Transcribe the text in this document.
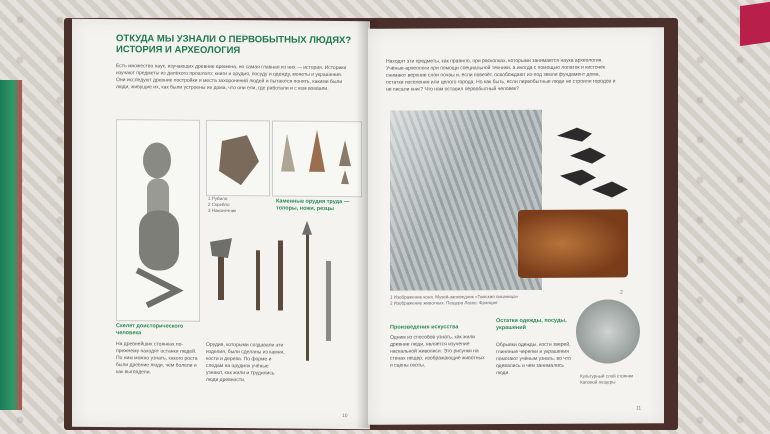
ОТКУДА МЫ УЗНАЛИ О ПЕРВОБЫТНЫХ ЛЮДЯХ?
ИСТОРИЯ И АРХЕОЛОГИЯ
Есть множество наук, изучающих древние времена, но самая главная из них — история. Историки изучают предметы из далёкого прошлого: книги и орудия, посуду и одежду, монеты и украшения. Они исследуют древние постройки и места захоронений людей и пытаются понять, какими были люди, живущие их, как были устроены их дома, что они ели, где работали и с кем воевали.
1 Рубило
2 Скребло
3 Наконечник
Каменные орудия труда — топоры, ножи, резцы
Скелет доисторического человека
На древнейших стоянках по-прежнему находят останки людей. По ним можно узнать, какого роста были древние люди, чем болели и как выглядели.
Орудия, которыми создавали эти изделия, были сделаны из камня, кости и дерева. По форме и следам на орудиях учёные узнают, как жили и трудились люди древности.
10
Находят эти предметы, как правило, при раскопках, которыми занимается наука археология. Учёные-археологи при помощи специальной техники, а иногда с помощью лопаток и кисточек снимают верхние слои почвы и, если повезёт, освобождают из-под земли фундамент дома, остатки поселения или целого города. Но как быть, если первобытные люди не строили городов и не писали книг? Что нам оставил первобытный человек?
1 Изображение коня. Музей-заповедник «Томская писаница»
2 Изображение животных. Пещера Ласко. Франция
2
Произведения искусства
Одним из способов узнать, как жили древние люди, является изучение наскальной живописи. Это рисунки на стенах пещер, изображающие животных и сцены охоты.
Остатки одежды, посуды, украшений
Обрывки одежды, кости зверей, глиняные черепки и украшения помогают учёным узнать, во что одевались и чем занимались люди.	Культурный слой стоянки Каповой пещеры
11
